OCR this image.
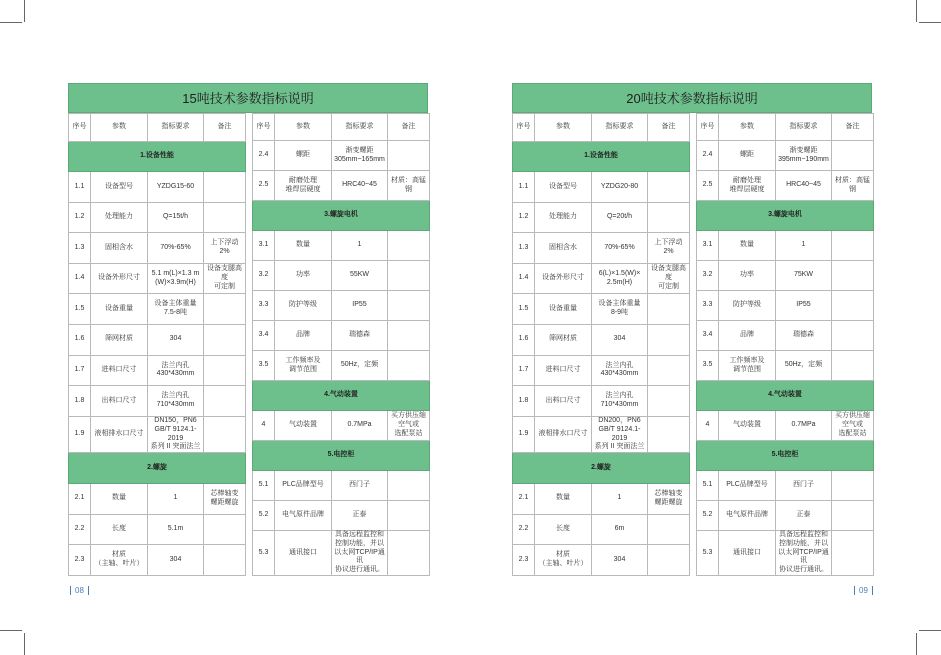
15吨技术参数指标说明
序号	参数	指标要求	备注
1.设备性能			
1.1	设备型号	YZDG15-60	
1.2	处理能力	Q=15t/h	
1.3	固相含水	70%-65%	上下浮动
2%
1.4	设备外形尺寸	5.1 m(L)×1.3 m
(W)×3.9m(H)	设备支腿高度
可定制
1.5	设备重量	设备主体重量
7.5-8吨	
1.6	筛网材质	304	
1.7	进料口尺寸	法兰内孔
430*430mm	
1.8	出料口尺寸	法兰内孔
710*430mm	
1.9	液相排水口尺寸	DN150，PN6
GB/T 9124.1-2019
系列 II 突面法兰	
2.螺旋			
2.1	数量	1	芯棒轴变
螺距螺旋
2.2	长度	5.1m	
2.3	材质
（主轴、叶片）	304	
序号	参数	指标要求	备注
2.4	螺距	渐变螺距
305mm~165mm	
2.5	耐磨处理
堆焊层硬度	HRC40~45	材质：高锰钢
3.螺旋电机			
3.1	数量	1	
3.2	功率	55KW	
3.3	防护等级	IP55	
3.4	品牌	瑞德森	
3.5	工作频率及
调节范围	50Hz，定频	
4.气动装置			
4	气动装置	0.7MPa	买方供压缩
空气或
选配泵站
5.电控柜			
5.1	PLC品牌型号	西门子	
5.2	电气原件品牌	正泰	
5.3	通讯接口	具备远程监控和
控制功能，并以
以太网TCP/IP通讯
协议进行通讯。	
20吨技术参数指标说明
序号	参数	指标要求	备注
1.设备性能			
1.1	设备型号	YZDG20-80	
1.2	处理能力	Q=20t/h	
1.3	固相含水	70%-65%	上下浮动
2%
1.4	设备外形尺寸	6(L)×1.5(W)×
2.5m(H)	设备支腿高度
可定制
1.5	设备重量	设备主体重量
8-9吨	
1.6	筛网材质	304	
1.7	进料口尺寸	法兰内孔
430*430mm	
1.8	出料口尺寸	法兰内孔
710*430mm	
1.9	液相排水口尺寸	DN200，PN6
GB/T 9124.1-2019
系列 II 突面法兰	
2.螺旋			
2.1	数量	1	芯棒轴变
螺距螺旋
2.2	长度	6m	
2.3	材质
（主轴、叶片）	304	
序号	参数	指标要求	备注
2.4	螺距	渐变螺距
395mm~190mm	
2.5	耐磨处理
堆焊层硬度	HRC40~45	材质：高锰钢
3.螺旋电机			
3.1	数量	1	
3.2	功率	75KW	
3.3	防护等级	IP55	
3.4	品牌	瑞德森	
3.5	工作频率及
调节范围	50Hz，定频	
4.气动装置			
4	气动装置	0.7MPa	买方供压缩
空气或
选配泵站
5.电控柜			
5.1	PLC品牌型号	西门子	
5.2	电气原件品牌	正泰	
5.3	通讯接口	具备远程监控和
控制功能，并以
以太网TCP/IP通讯
协议进行通讯。	
08	09
